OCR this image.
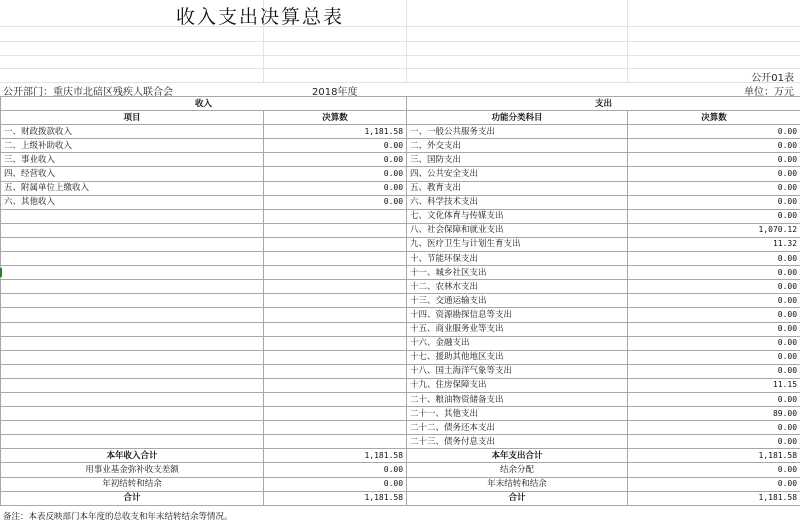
收入支出决算总表
公开01表
公开部门：重庆市北碚区残疾人联合会	2018年度	单位：万元
收入		支出	
项目	决算数	功能分类科目	决算数
一、财政拨款收入	1,181.58	一、一般公共服务支出	0.00
二、上级补助收入	0.00	二、外交支出	0.00
三、事业收入	0.00	三、国防支出	0.00
四、经营收入	0.00	四、公共安全支出	0.00
五、附属单位上缴收入	0.00	五、教育支出	0.00
六、其他收入	0.00	六、科学技术支出	0.00
		七、文化体育与传媒支出	0.00
		八、社会保障和就业支出	1,070.12
		九、医疗卫生与计划生育支出	11.32
		十、节能环保支出	0.00
		十一、城乡社区支出	0.00
		十二、农林水支出	0.00
		十三、交通运输支出	0.00
		十四、资源勘探信息等支出	0.00
		十五、商业服务业等支出	0.00
		十六、金融支出	0.00
		十七、援助其他地区支出	0.00
		十八、国土海洋气象等支出	0.00
		十九、住房保障支出	11.15
		二十、粮油物资储备支出	0.00
		二十一、其他支出	89.00
		二十二、债务还本支出	0.00
		二十三、债务付息支出	0.00
本年收入合计	1,181.58	本年支出合计	1,181.58
用事业基金弥补收支差额	0.00	结余分配	0.00
年初结转和结余	0.00	年末结转和结余	0.00
合计	1,181.58	合计	1,181.58
备注：本表反映部门本年度的总收支和年末结转结余等情况。
